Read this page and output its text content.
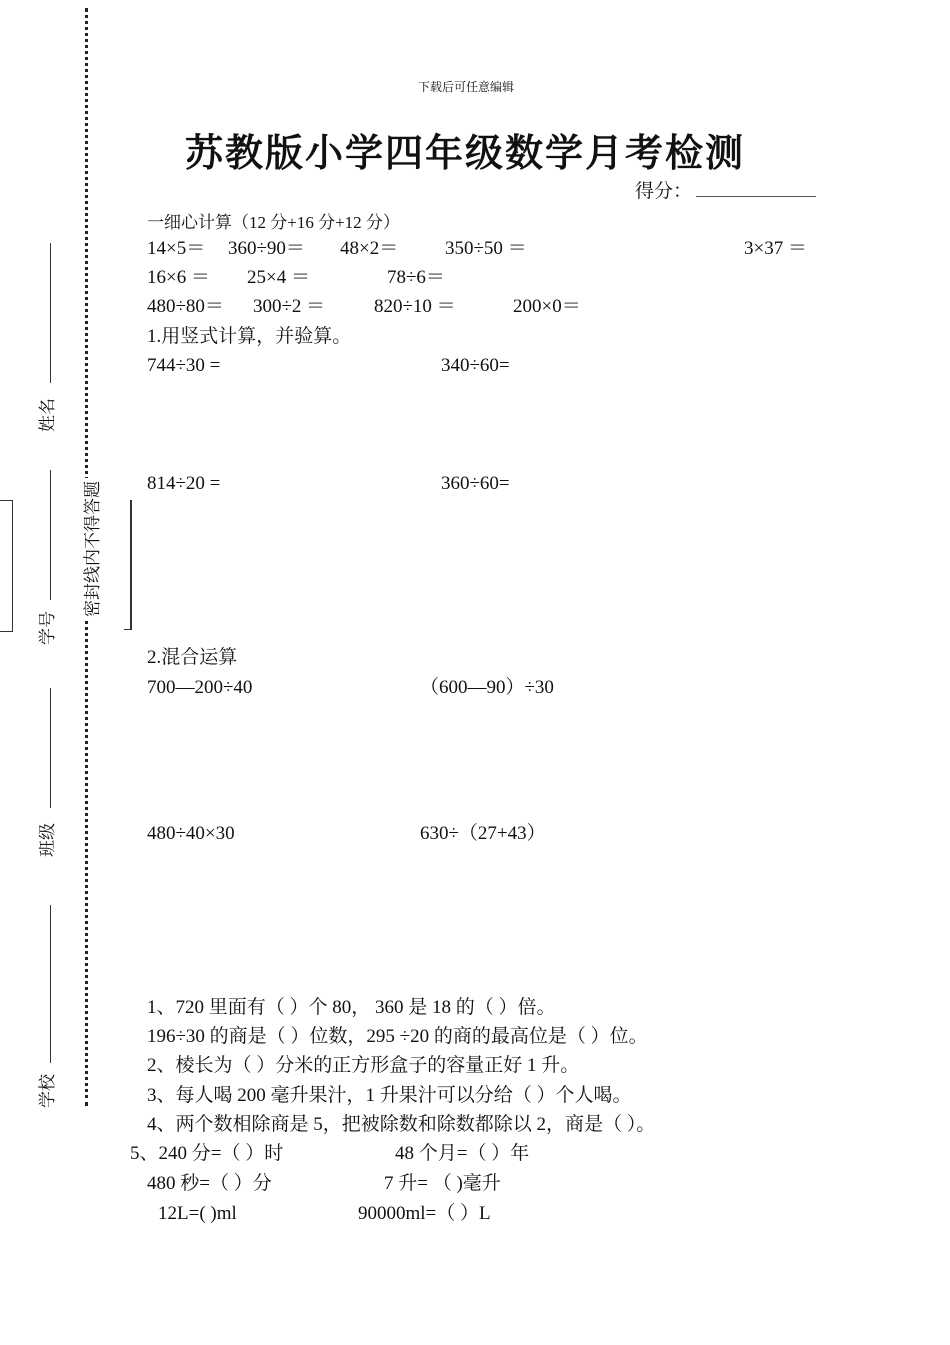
姓名
学号
班级
学校
密封线内不得答题
下载后可任意编辑
苏教版小学四年级数学月考检测
得分：
一细心计算（12 分+16 分+12 分）
14×5＝ 360÷90＝ 48×2＝ 350÷50 ＝	3×37 ＝
16×6 ＝ 25×4 ＝	78÷6＝
480÷80＝ 300÷2 ＝	820÷10 ＝	200×0＝
1.用竖式计算，并验算。
744÷30 =	340÷60=
814÷20 =	360÷60=
2.混合运算
700—200÷40	（600—90）÷30
480÷40×30	630÷（27+43）
1、720 里面有（ ）个 80， 360 是 18 的（ ）倍。
196÷30 的商是（ ）位数，295 ÷20 的商的最高位是（ ）位。
2、棱长为（ ）分米的正方形盒子的容量正好 1 升。
3、每人喝 200 毫升果汁，1 升果汁可以分给（ ）个人喝。
4、两个数相除商是 5，把被除数和除数都除以 2，商是（ ）。
5、240 分=（ ）时	48 个月=（ ）年
480 秒=（ ）分	7 升= （ )毫升
12L=( )ml	90000ml=（ ）L
